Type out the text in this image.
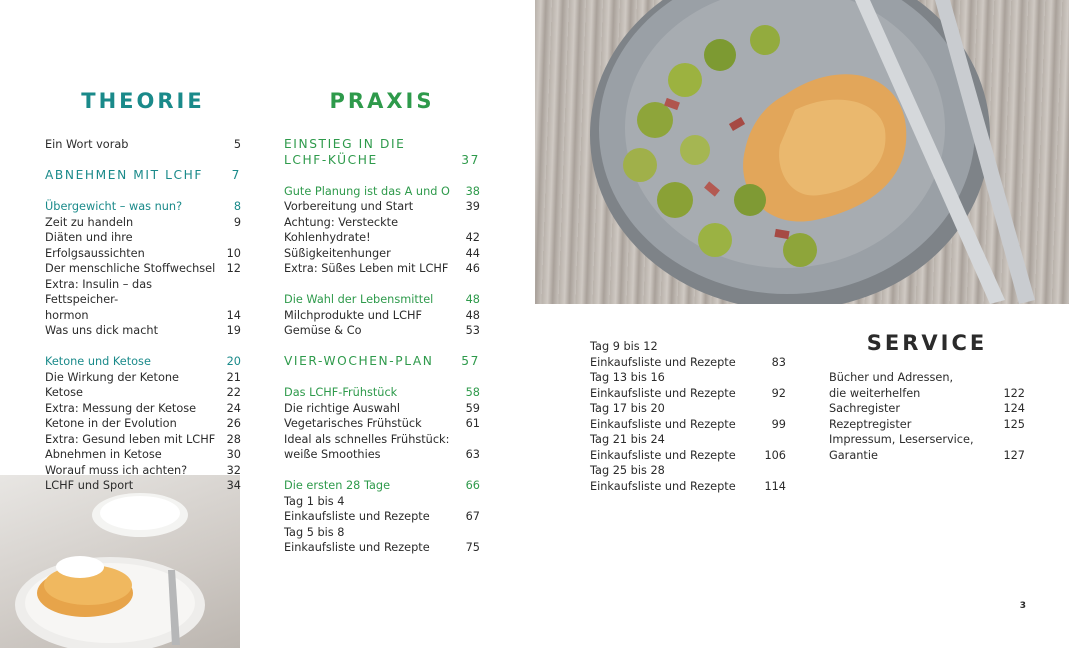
THEORIE	PRAXIS
SERVICE
Ein Wort vorab	5
ABNEHMEN MIT LCHF	7
Übergewicht – was nun?	8
Zeit zu handeln	9
Diäten und ihre Erfolgsaussichten	10
Der menschliche Stoffwechsel	12
Extra: Insulin – das Fettspeicher-
hormon	14
Was uns dick macht	19
Ketone und Ketose	20
Die Wirkung der Ketone	21
Ketose	22
Extra: Messung der Ketose	24
Ketone in der Evolution	26
Extra: Gesund leben mit LCHF	28
Abnehmen in Ketose	30
Worauf muss ich achten?	32
LCHF und Sport	34
EINSTIEG IN DIE
LCHF-KÜCHE	37
Gute Planung ist das A und O	38
Vorbereitung und Start	39
Achtung: Versteckte
Kohlenhydrate!	42
Süßigkeitenhunger	44
Extra: Süßes Leben mit LCHF	46
Die Wahl der Lebensmittel	48
Milchprodukte und LCHF	48
Gemüse & Co	53
VIER-WOCHEN-PLAN	57
Das LCHF-Frühstück	58
Die richtige Auswahl	59
Vegetarisches Frühstück	61
Ideal als schnelles Frühstück:
weiße Smoothies	63
Die ersten 28 Tage	66
Tag 1 bis 4
Einkaufsliste und Rezepte	67
Tag 5 bis 8
Einkaufsliste und Rezepte	75
Tag 9 bis 12
Einkaufsliste und Rezepte	83
Tag 13 bis 16
Einkaufsliste und Rezepte	92
Tag 17 bis 20
Einkaufsliste und Rezepte	99
Tag 21 bis 24
Einkaufsliste und Rezepte	106
Tag 25 bis 28
Einkaufsliste und Rezepte	114
Bücher und Adressen,
die weiterhelfen	122
Sachregister	124
Rezeptregister	125
Impressum, Leserservice, Garantie	127
3
